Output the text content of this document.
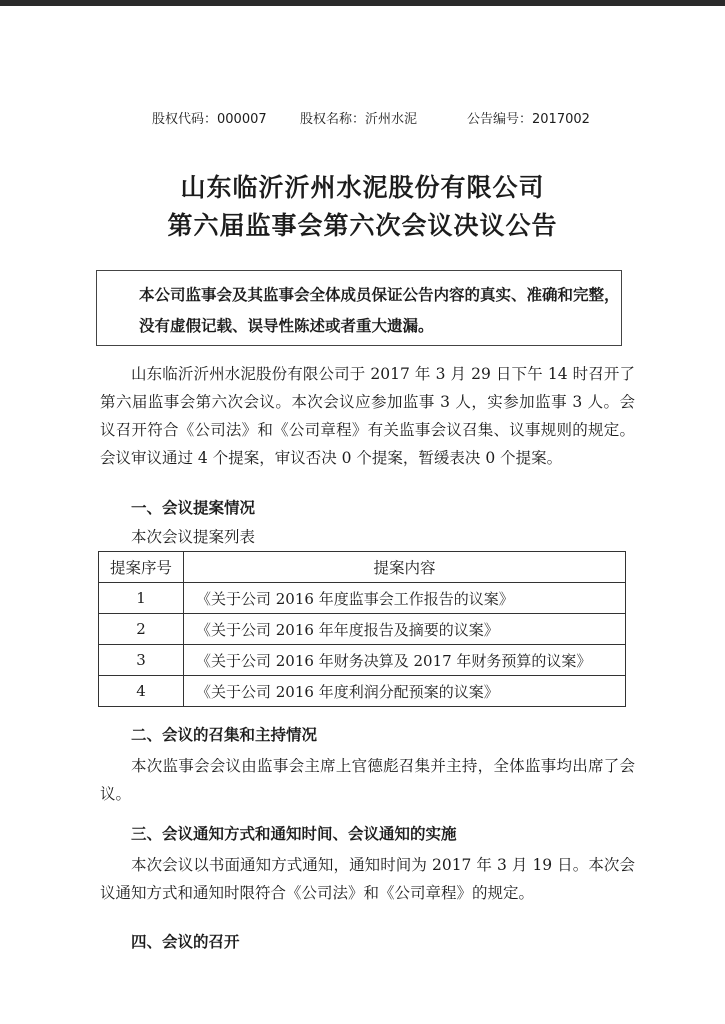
股权代码：000007	股权名称：沂州水泥	公告编号：2017002
山东临沂沂州水泥股份有限公司
第六届监事会第六次会议决议公告
本公司监事会及其监事会全体成员保证公告内容的真实、准确和完整，没有虚假记载、误导性陈述或者重大遗漏。
山东临沂沂州水泥股份有限公司于 2017 年 3 月 29 日下午 14 时召开了第六届监事会第六次会议。本次会议应参加监事 3 人，实参加监事 3 人。会议召开符合《公司法》和《公司章程》有关监事会议召集、议事规则的规定。会议审议通过 4 个提案，审议否决 0 个提案，暂缓表决 0 个提案。
一、会议提案情况
本次会议提案列表
提案序号	提案内容
1	《关于公司 2016 年度监事会工作报告的议案》
2	《关于公司 2016 年年度报告及摘要的议案》
3	《关于公司 2016 年财务决算及 2017 年财务预算的议案》
4	《关于公司 2016 年度利润分配预案的议案》
二、会议的召集和主持情况
本次监事会会议由监事会主席上官德彪召集并主持，全体监事均出席了会议。
三、会议通知方式和通知时间、会议通知的实施
本次会议以书面通知方式通知，通知时间为 2017 年 3 月 19 日。本次会议通知方式和通知时限符合《公司法》和《公司章程》的规定。
四、会议的召开
